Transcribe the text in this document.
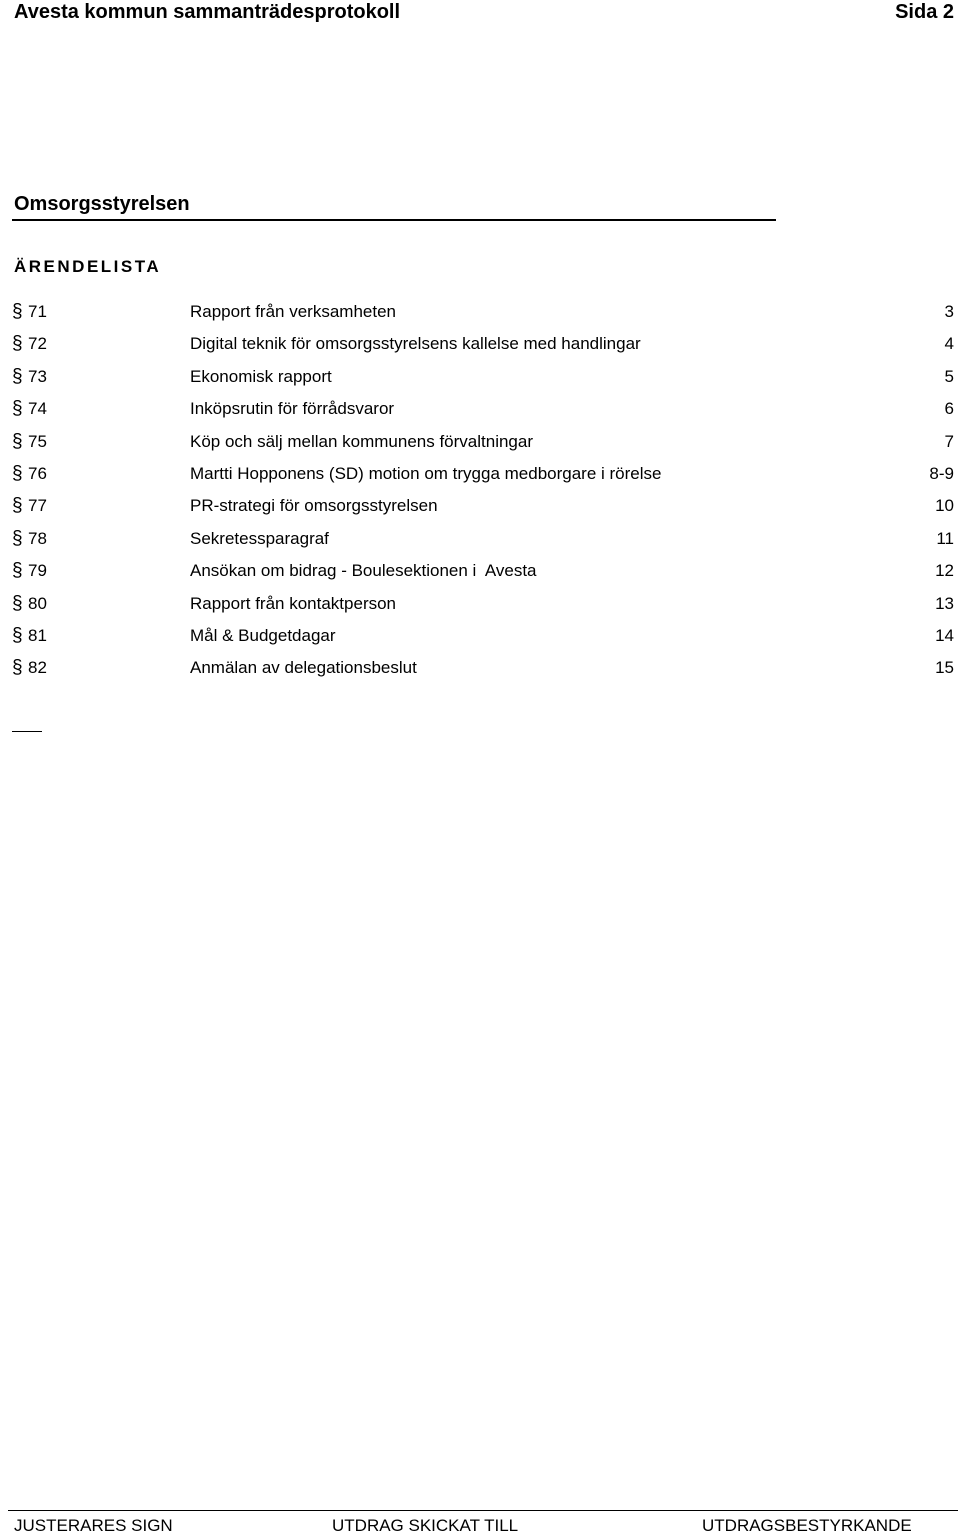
Avesta kommun sammanträdesprotokoll	Sida 2
Omsorgsstyrelsen
ÄRENDELISTA
§ 71	Rapport från verksamheten	3
§ 72	Digital teknik för omsorgsstyrelsens kallelse med handlingar	4
§ 73	Ekonomisk rapport	5
§ 74	Inköpsrutin för förrådsvaror	6
§ 75	Köp och sälj mellan kommunens förvaltningar	7
§ 76	Martti Hopponens (SD) motion om trygga medborgare i rörelse	8-9
§ 77	PR-strategi för omsorgsstyrelsen	10
§ 78	Sekretessparagraf	11
§ 79	Ansökan om bidrag - Boulesektionen i  Avesta	12
§ 80	Rapport från kontaktperson	13
§ 81	Mål & Budgetdagar	14
§ 82	Anmälan av delegationsbeslut	15
JUSTERARES SIGN	UTDRAG SKICKAT TILL	UTDRAGSBESTYRKANDE
